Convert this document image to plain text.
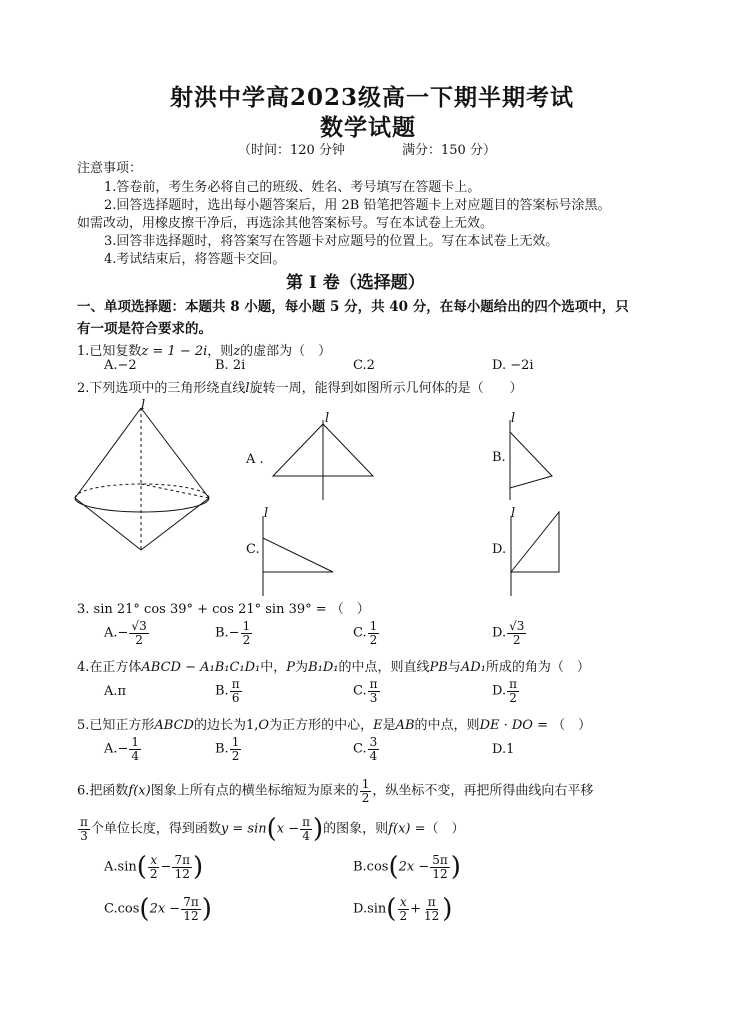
射洪中学高2023级高一下期半期考试
数学试题
（时间：120 分钟	满分：150 分）
注意事项：
1.答卷前，考生务必将自己的班级、姓名、考号填写在答题卡上。
2.回答选择题时，选出每小题答案后，用 2B 铅笔把答题卡上对应题目的答案标号涂黑。
如需改动，用橡皮擦干净后，再选涂其他答案标号。写在本试卷上无效。
3.回答非选择题时，将答案写在答题卡对应题号的位置上。写在本试卷上无效。
4.考试结束后，将答题卡交回。
第 I 卷（选择题）
一、单项选择题：本题共 8 小题，每小题 5 分，共 40 分，在每小题给出的四个选项中，只
有一项是符合要求的。
1.已知复数z = 1 − 2i，则z的虚部为（　）
A.−2	B. 2i	C.2	D. −2i
2.下列选项中的三角形绕直线l旋转一周，能得到如图所示几何体的是（　　）
l
A .
l
B.
l
C.
l
D.
l
3. sin 21° cos 39° + cos 21° sin 39° = （　）
$A.- \frac{√3}{2}$	$B.- \frac{1}{2}$	C. $\frac{1}{2}$	D. $\frac{√3}{2}$
4.在正方体ABCD − A₁B₁C₁D₁中，P为B₁D₁的中点，则直线PB与AD₁所成的角为（　）
A.π	B. $\frac{\pi}{6}$	C. $\frac{\pi}{3}$	D. $\frac{\pi}{2}$
5.已知正方形ABCD的边长为1,O为正方形的中心，E是AB的中点，则DE · DO = （　）
$A.- \frac{1}{4}$	B. $\frac{1}{2}$	C. $\frac{3}{4}$	D.1
6.把函数f(x)图象上所有点的横坐标缩短为原来的 $\frac{1}{2}$ ，纵坐标不变，再把所得曲线向右平移
$\frac{\pi}{3}$ 个单位长度，得到函数$y = \sin(x - \frac{\pi}{4}$ )的图象，则f(x) =（　）
$A.\sin( \frac{x}{2} - \frac{7\pi}{12}$ )	$B.\cos(2x - \frac{5\pi}{12}$ )
$C.\cos(2x - \frac{7\pi}{12}$ )	$D.\sin( \frac{x}{2} + \frac{\pi}{12}$ )
